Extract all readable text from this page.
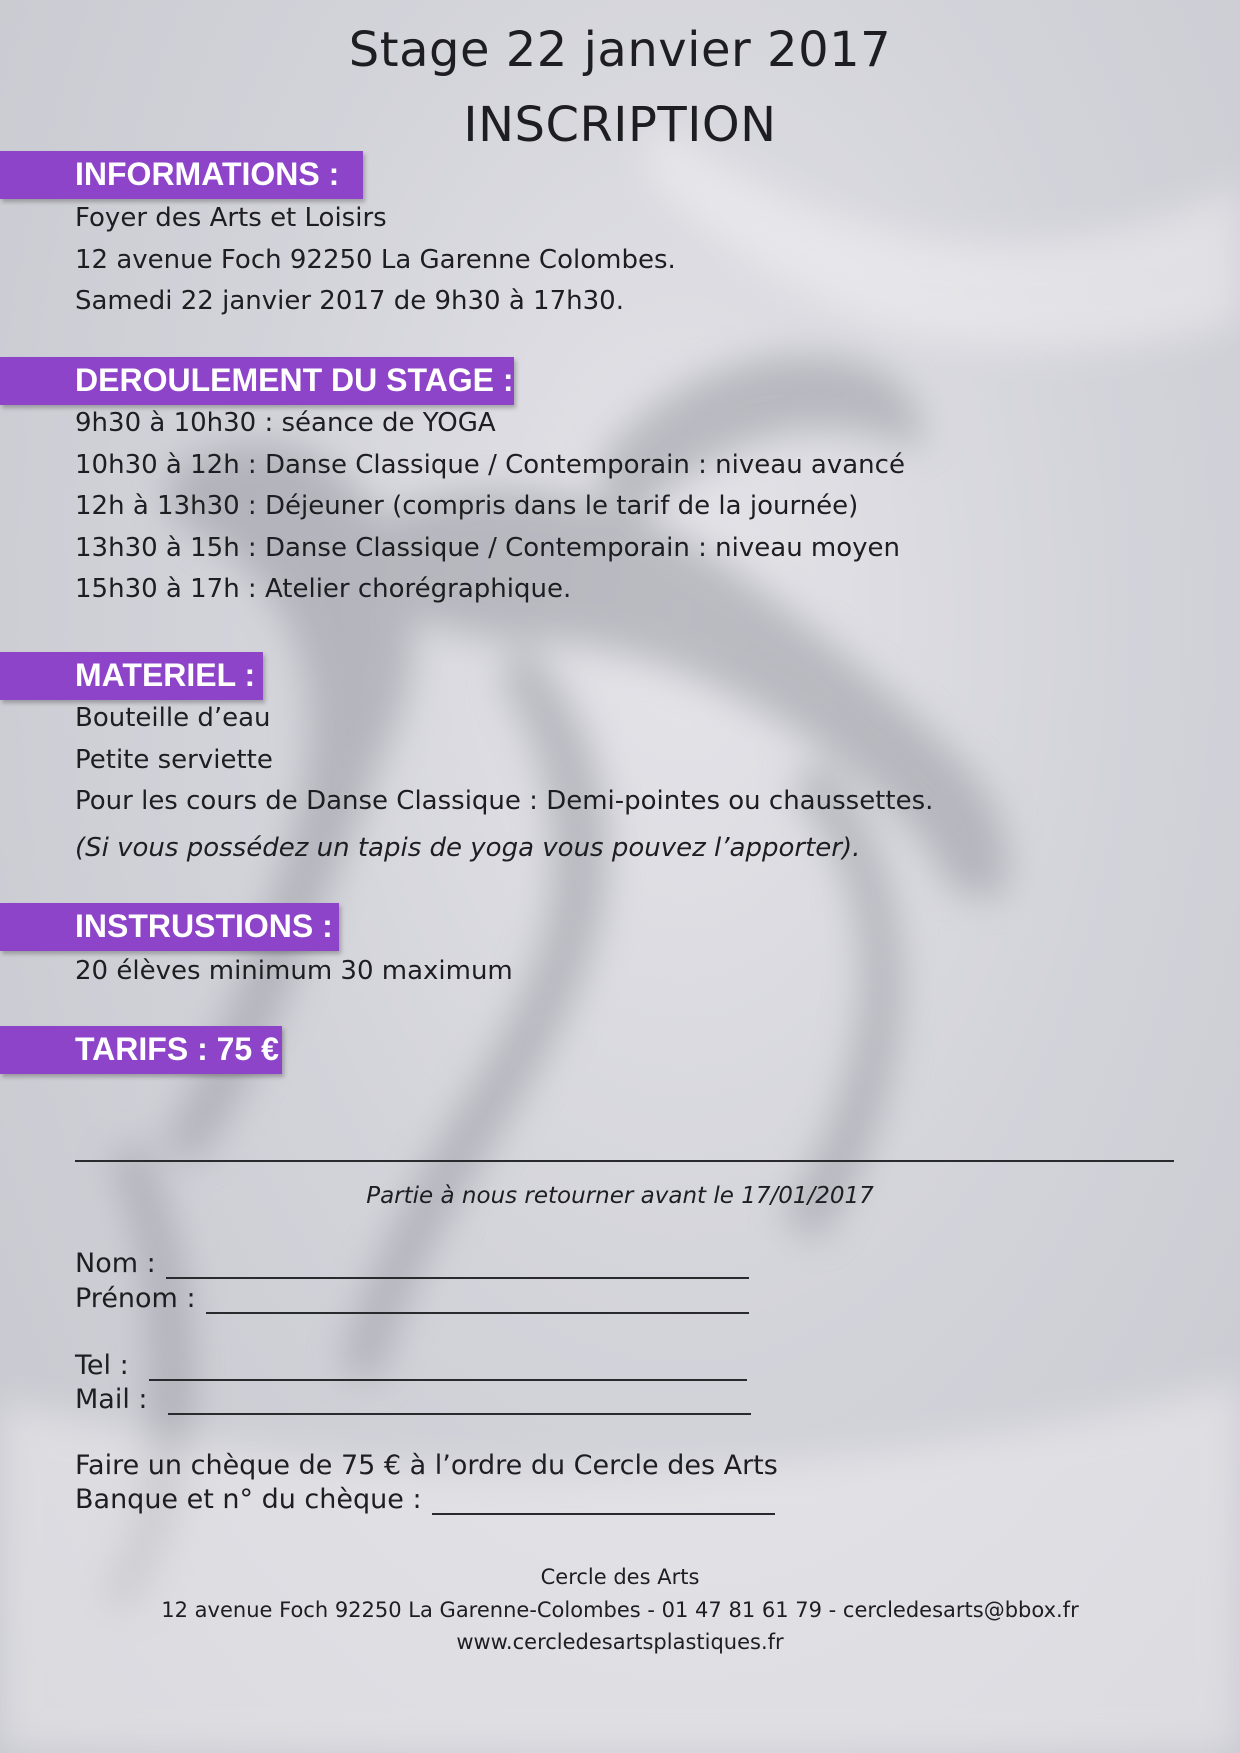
Stage 22 janvier 2017
INSCRIPTION
INFORMATIONS :
Foyer des Arts et Loisirs
12 avenue Foch 92250 La Garenne Colombes.
Samedi 22 janvier 2017 de 9h30 à 17h30.
DEROULEMENT DU STAGE :
9h30 à 10h30 : séance de YOGA
10h30 à 12h : Danse Classique / Contemporain : niveau avancé
12h à 13h30 : Déjeuner (compris dans le tarif de la journée)
13h30 à 15h : Danse Classique / Contemporain : niveau moyen
15h30 à 17h : Atelier chorégraphique.
MATERIEL :
Bouteille d’eau
Petite serviette
Pour les cours de Danse Classique : Demi-pointes ou chaussettes.
(Si vous possédez un tapis de yoga vous pouvez l’apporter).
INSTRUSTIONS :
20 élèves minimum 30 maximum
TARIFS : 75 €
Partie à nous retourner avant le 17/01/2017
Nom :
Prénom :
Tel :
Mail :
Faire un chèque de 75 € à l’ordre du Cercle des Arts
Banque et n° du chèque :
Cercle des Arts
12 avenue Foch 92250 La Garenne-Colombes - 01 47 81 61 79 - cercledesarts@bbox.fr
www.cercledesartsplastiques.fr
